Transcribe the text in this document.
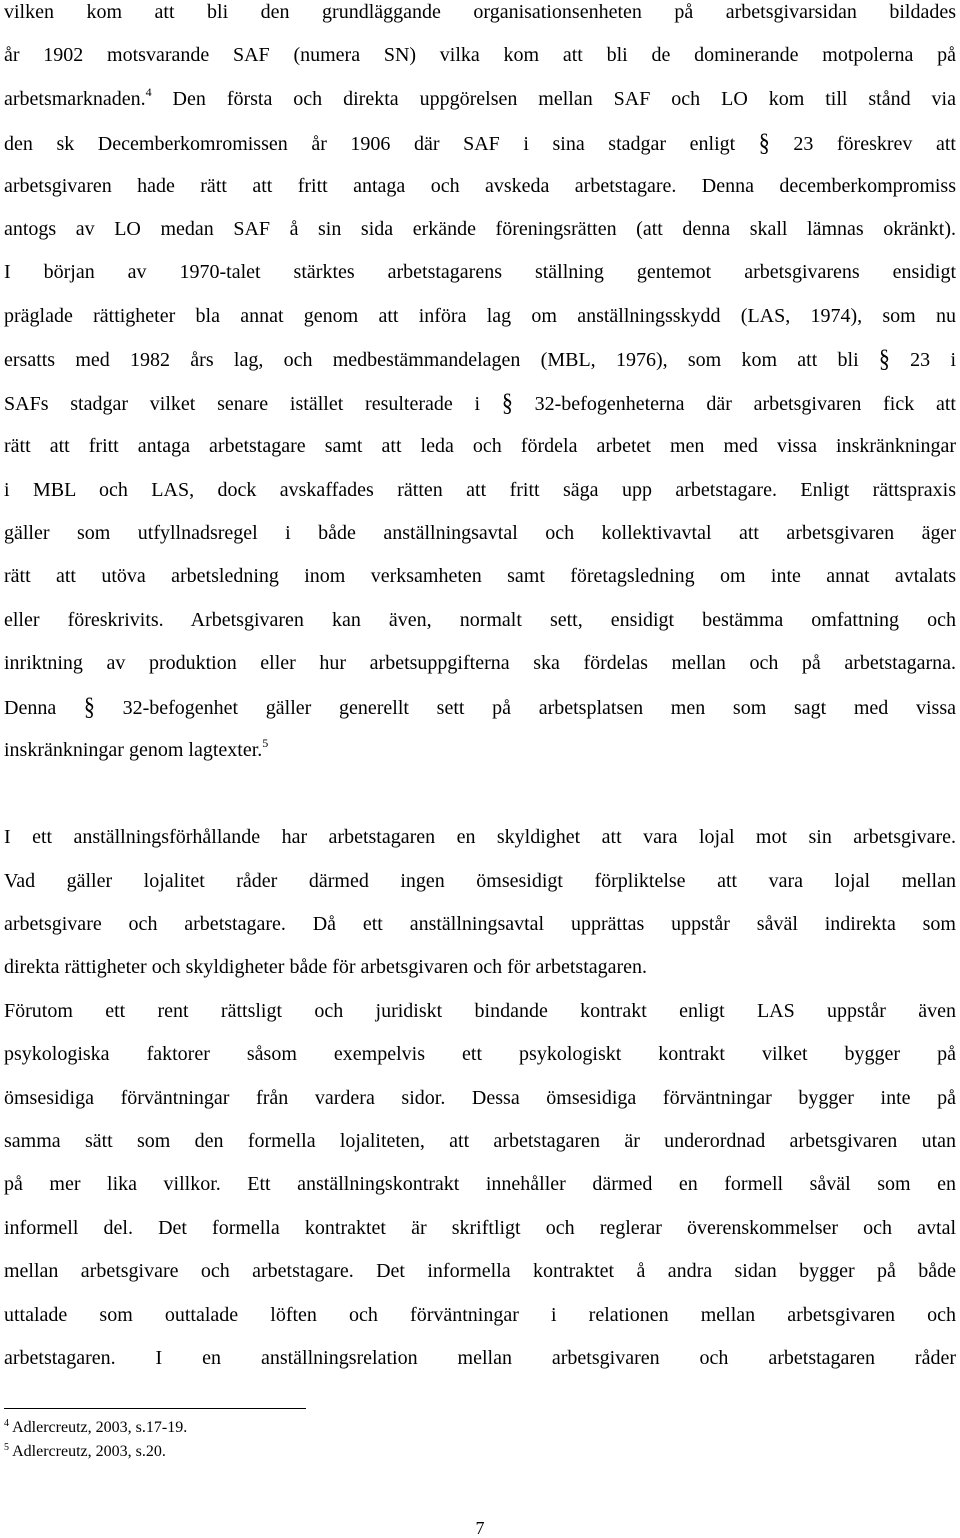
vilken kom att bli den grundläggande organisationsenheten på arbetsgivarsidan bildades
år 1902 motsvarande SAF (numera SN) vilka kom att bli de dominerande motpolerna på
arbetsmarknaden.$^4$ Den första och direkta uppgörelsen mellan SAF och LO kom till stånd via
den sk Decemberkomromissen år 1906 där SAF i sina stadgar enligt § 23 föreskrev att
arbetsgivaren hade rätt att fritt antaga och avskeda arbetstagare. Denna decemberkompromiss
antogs av LO medan SAF å sin sida erkände föreningsrätten (att denna skall lämnas okränkt).
I början av 1970-talet stärktes arbetstagarens ställning gentemot arbetsgivarens ensidigt
präglade rättigheter bla annat genom att införa lag om anställningsskydd (LAS, 1974), som nu
ersatts med 1982 års lag, och medbestämmandelagen (MBL, 1976), som kom att bli § 23 i
SAFs stadgar vilket senare istället resulterade i § 32-befogenheterna där arbetsgivaren fick att
rätt att fritt antaga arbetstagare samt att leda och fördela arbetet men med vissa inskränkningar
i MBL och LAS, dock avskaffades rätten att fritt säga upp arbetstagare. Enligt rättspraxis
gäller som utfyllnadsregel i både anställningsavtal och kollektivavtal att arbetsgivaren äger
rätt att utöva arbetsledning inom verksamheten samt företagsledning om inte annat avtalats
eller föreskrivits. Arbetsgivaren kan även, normalt sett, ensidigt bestämma omfattning och
inriktning av produktion eller hur arbetsuppgifterna ska fördelas mellan och på arbetstagarna.
Denna § 32-befogenhet gäller generellt sett på arbetsplatsen men som sagt med vissa
inskränkningar genom lagtexter.$^5$
I ett anställningsförhållande har arbetstagaren en skyldighet att vara lojal mot sin arbetsgivare.
Vad gäller lojalitet råder därmed ingen ömsesidigt förpliktelse att vara lojal mellan
arbetsgivare och arbetstagare. Då ett anställningsavtal upprättas uppstår såväl indirekta som
direkta rättigheter och skyldigheter både för arbetsgivaren och för arbetstagaren.
Förutom ett rent rättsligt och juridiskt bindande kontrakt enligt LAS uppstår även
psykologiska faktorer såsom exempelvis ett psykologiskt kontrakt vilket bygger på
ömsesidiga förväntningar från vardera sidor. Dessa ömsesidiga förväntningar bygger inte på
samma sätt som den formella lojaliteten, att arbetstagaren är underordnad arbetsgivaren utan
på mer lika villkor. Ett anställningskontrakt innehåller därmed en formell såväl som en
informell del. Det formella kontraktet är skriftligt och reglerar överenskommelser och avtal
mellan arbetsgivare och arbetstagare. Det informella kontraktet å andra sidan bygger på både
uttalade som outtalade löften och förväntningar i relationen mellan arbetsgivaren och
arbetstagaren. I en anställningsrelation mellan arbetsgivaren och arbetstagaren råder
$^4$ Adlercreutz, 2003, s.17-19.
$^5$ Adlercreutz, 2003, s.20.
7
